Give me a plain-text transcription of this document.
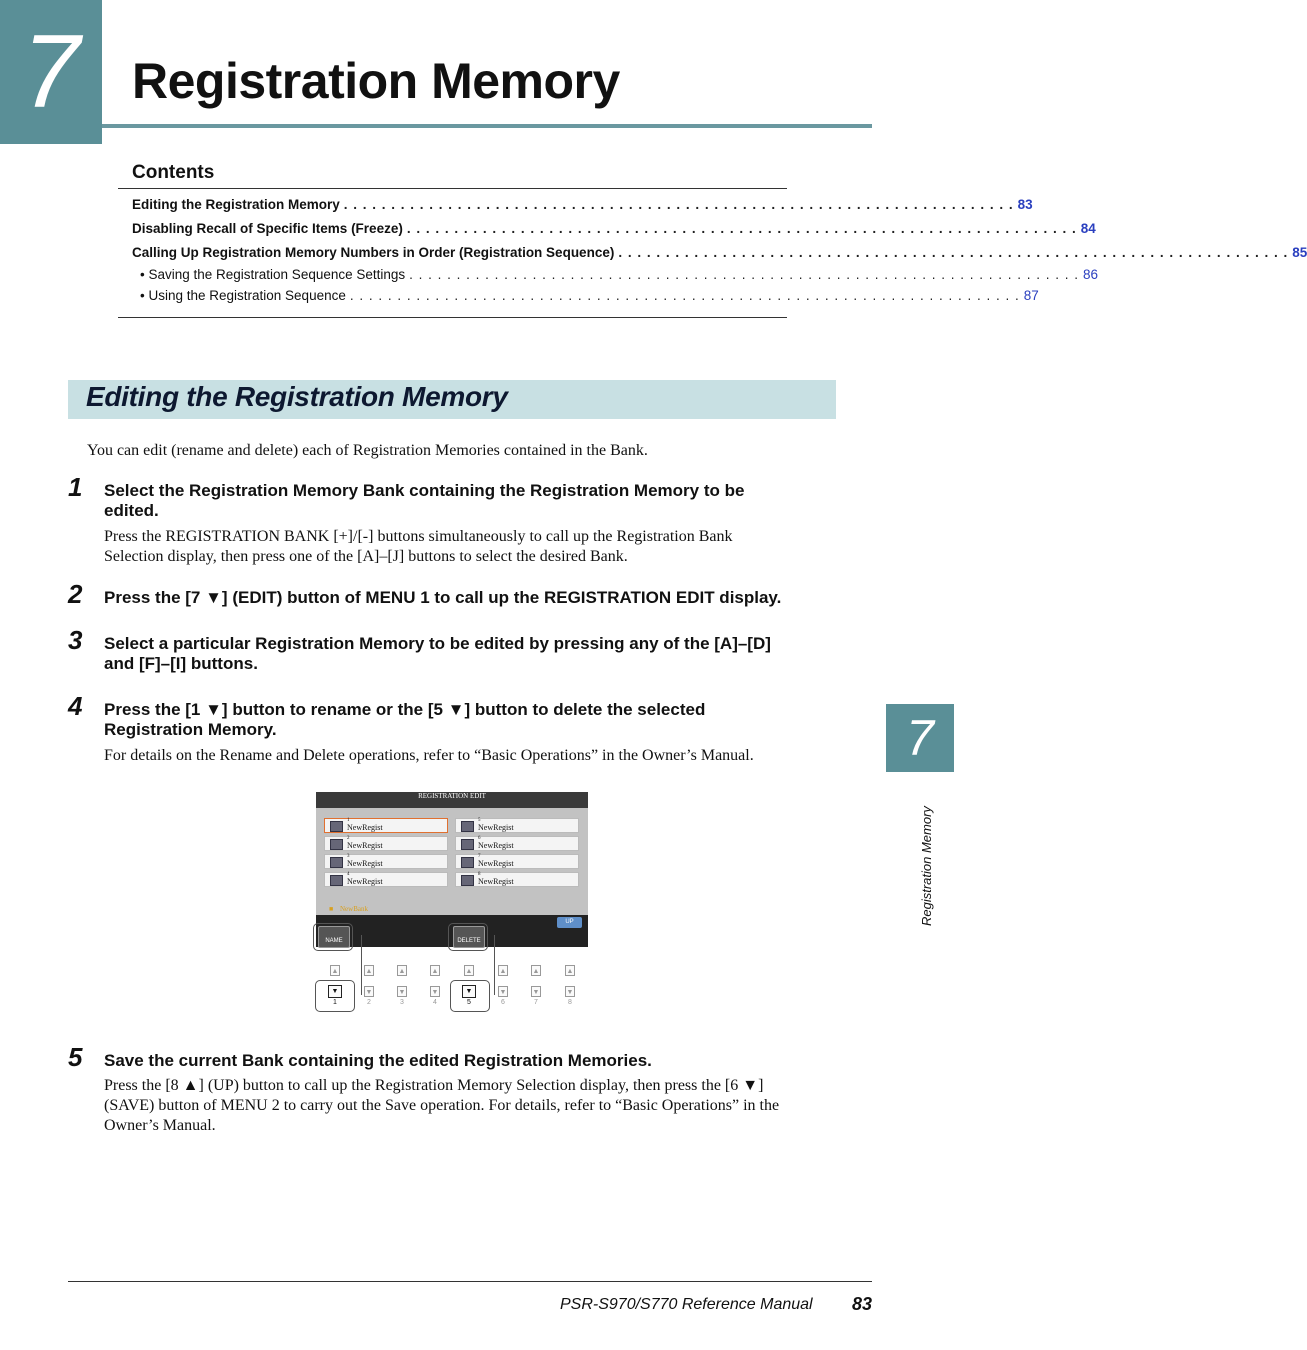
7	Registration Memory
Contents
Editing the Registration Memory . . . . . . . . . . . . . . . . . . . . . . . . . . . . . . . . . . . . . . . . . . . . . . . . . . . . . . . . . . . . . . . . . . . . . . . 83
Disabling Recall of Specific Items (Freeze) . . . . . . . . . . . . . . . . . . . . . . . . . . . . . . . . . . . . . . . . . . . . . . . . . . . . . . . . . . . . . . . . . . . . . . . 84
Calling Up Registration Memory Numbers in Order (Registration Sequence) . . . . . . . . . . . . . . . . . . . . . . . . . . . . . . . . . . . . . . . . . . . . . . . . . . . . . . . . . . . . . . . . . . . . . . . 85
• Saving the Registration Sequence Settings . . . . . . . . . . . . . . . . . . . . . . . . . . . . . . . . . . . . . . . . . . . . . . . . . . . . . . . . . . . . . . . . . . . . . . . 86
• Using the Registration Sequence . . . . . . . . . . . . . . . . . . . . . . . . . . . . . . . . . . . . . . . . . . . . . . . . . . . . . . . . . . . . . . . . . . . . . . . 87
Editing the Registration Memory
You can edit (rename and delete) each of Registration Memories contained in the Bank.
1 Select the Registration Memory Bank containing the Registration Memory to be edited.
Press the REGISTRATION BANK [+]/[-] buttons simultaneously to call up the Registration Bank Selection display, then press one of the [A]–[J] buttons to select the desired Bank.
2 Press the [7 ▼] (EDIT) button of MENU 1 to call up the REGISTRATION EDIT display.
3 Select a particular Registration Memory to be edited by pressing any of the [A]–[D] and [F]–[I] buttons.
4 Press the [1 ▼] button to rename or the [5 ▼] button to delete the selected Registration Memory.
For details on the Rename and Delete operations, refer to “Basic Operations” in the Owner’s Manual.
REGISTRATION EDIT
1
NewRegist
2
NewRegist
3
NewRegist
4
NewRegist
5
NewRegist
6
NewRegist
7
NewRegist
8
NewRegist
■ NewBank
UP
NAME	DELETE
▲	▲	▲	▲	▲	▲	▲	▲
▼	▼	▼	▼	▼	▼	▼	▼
1	2	3	4	5	6	7	8
5 Save the current Bank containing the edited Registration Memories.
Press the [8 ▲] (UP) button to call up the Registration Memory Selection display, then press the [6 ▼] (SAVE) button of MENU 2 to carry out the Save operation. For details, refer to “Basic Operations” in the Owner’s Manual.
7
Registration Memory
PSR-S970/S770 Reference Manual 83
